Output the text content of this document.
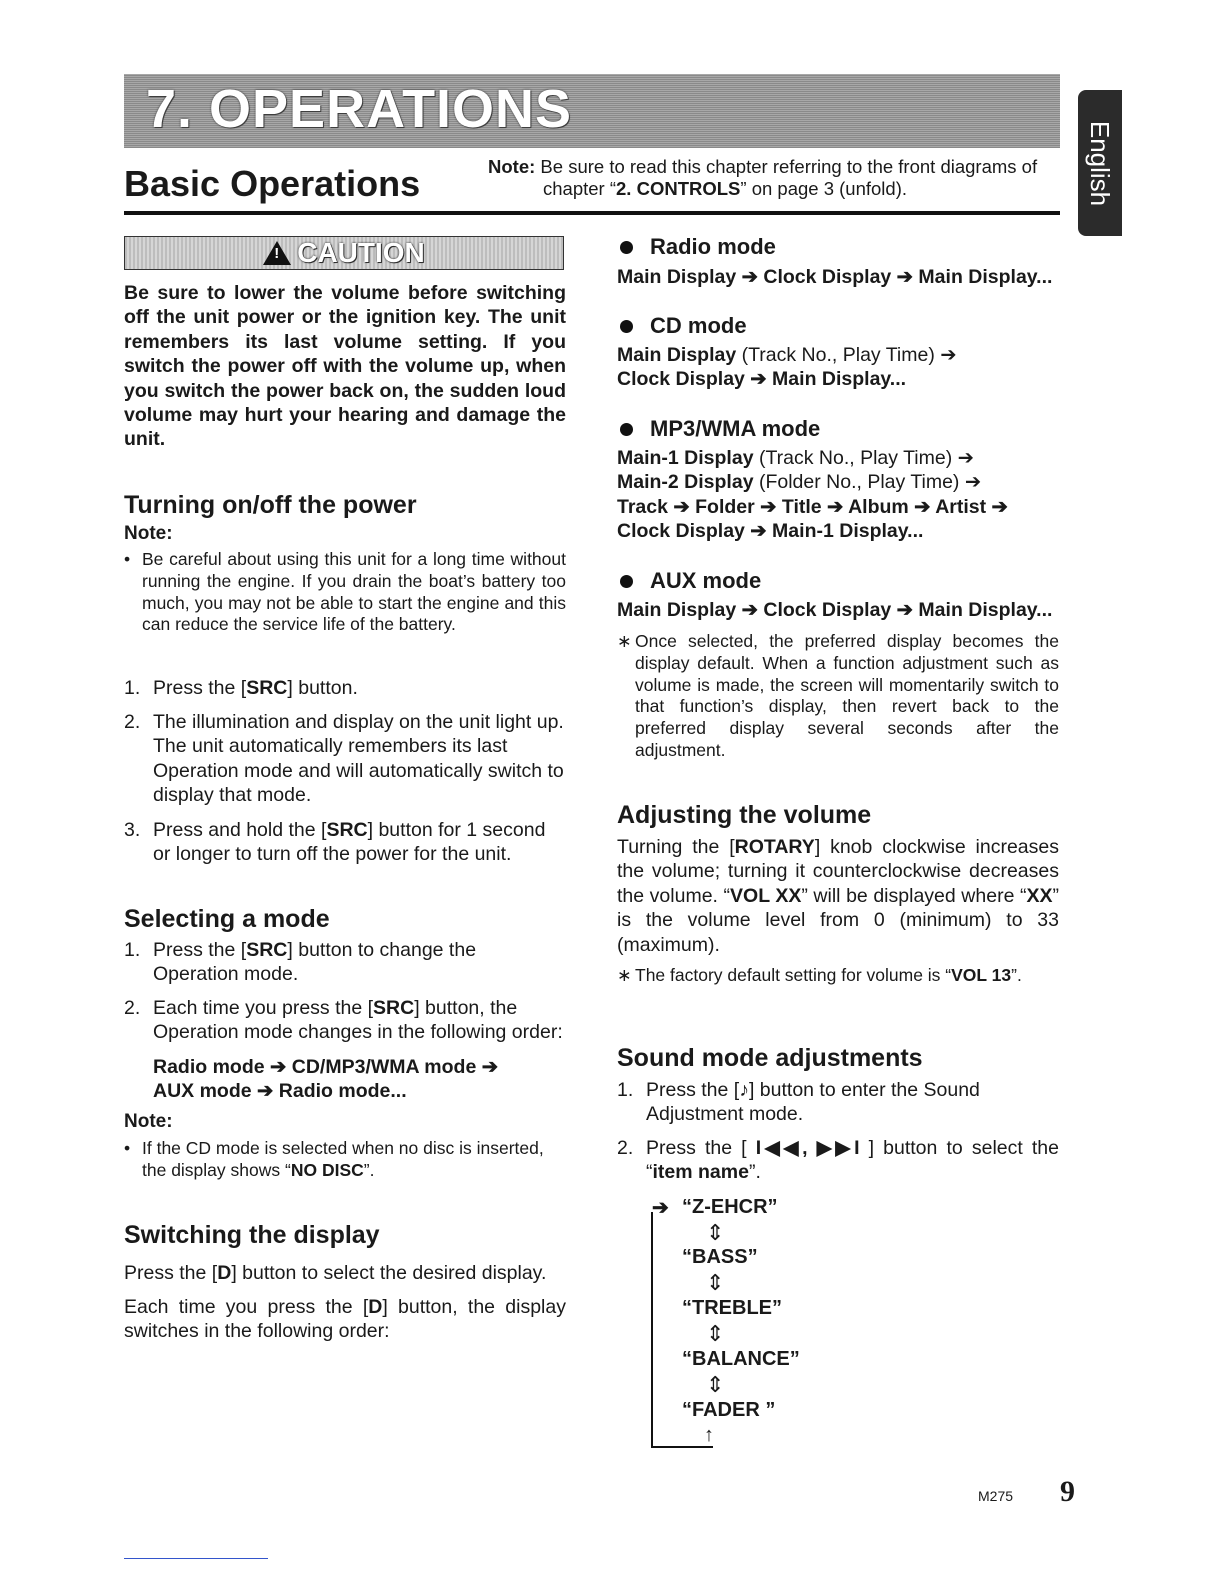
7. OPERATIONS
English
Basic Operations	Note: Be sure to read this chapter referring to the front diagrams of
chapter “2. CONTROLS” on page 3 (unfold).
!
CAUTION
Be sure to lower the volume before switching off the unit power or the ignition key. The unit remembers its last volume setting. If you switch the power off with the volume up, when you switch the power back on, the sudden loud volume may hurt your hearing and damage the unit.
Turning on/off the power
Note:
• Be careful about using this unit for a long time without running the engine. If you drain the boat’s battery too much, you may not be able to start the engine and this can reduce the service life of the battery.
1. Press the [SRC] button.
2. The illumination and display on the unit light up. The unit automatically remembers its last Operation mode and will automatically switch to display that mode.
3. Press and hold the [SRC] button for 1 second or longer to turn off the power for the unit.
Selecting a mode
1. Press the [SRC] button to change the Operation mode.
2. Each time you press the [SRC] button, the Operation mode changes in the following order:
Radio mode ➔ CD/MP3/WMA mode ➔
AUX mode ➔ Radio mode...
Note:
• If the CD mode is selected when no disc is inserted, the display shows “NO DISC”.
Switching the display
Press the [D] button to select the desired display.
Each time you press the [D] button, the display switches in the following order:
Radio mode
Main Display ➔ Clock Display ➔ Main Display...
CD mode
Main Display (Track No., Play Time) ➔
Clock Display ➔ Main Display...
MP3/WMA mode
Main-1 Display (Track No., Play Time) ➔
Main-2 Display (Folder No., Play Time) ➔
Track ➔ Folder ➔ Title ➔ Album ➔ Artist ➔
Clock Display ➔ Main-1 Display...
AUX mode
Main Display ➔ Clock Display ➔ Main Display...
∗ Once selected, the preferred display becomes the display default. When a function adjustment such as volume is made, the screen will momentarily switch to that function’s display, then revert back to the preferred display several seconds after the adjustment.
Adjusting the volume
Turning the [ROTARY] knob clockwise increases the volume; turning it counterclockwise decreases the volume. “VOL XX” will be displayed where “XX” is the volume level from 0 (minimum) to 33 (maximum).
∗ The factory default setting for volume is “VOL 13”.
Sound mode adjustments
1. Press the [♪] button to enter the Sound Adjustment mode.
2. Press the [ I◀◀, ▶▶I ] button to select the “item name”.
➔
↑
“Z-EHCR”
⇕
“BASS”
⇕
“TREBLE”
⇕
“BALANCE”
⇕
“FADER ”
M275 9
